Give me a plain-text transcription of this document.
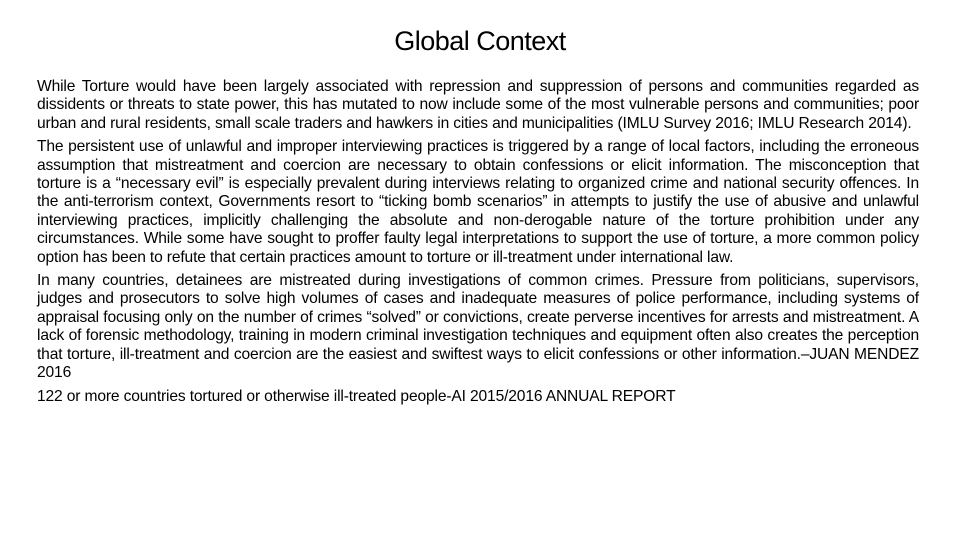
Global Context

While Torture would have been largely associated with repression and suppression of persons and communities regarded as dissidents or threats to state power, this has mutated to now include some of the most vulnerable persons and communities; poor urban and rural residents, small scale traders and hawkers in cities and municipalities (IMLU Survey 2016; IMLU Research 2014).

The persistent use of unlawful and improper interviewing practices is triggered by a range of local factors, including the erroneous assumption that mistreatment and coercion are necessary to obtain confessions or elicit information. The misconception that torture is a “necessary evil” is especially prevalent during interviews relating to organized crime and national security offences. In the anti-terrorism context, Governments resort to “ticking bomb scenarios” in attempts to justify the use of abusive and unlawful interviewing practices, implicitly challenging the absolute and non-derogable nature of the torture prohibition under any circumstances. While some have sought to proffer faulty legal interpretations to support the use of torture, a more common policy option has been to refute that certain practices amount to torture or ill-treatment under international law.

In many countries, detainees are mistreated during investigations of common crimes. Pressure from politicians, supervisors, judges and prosecutors to solve high volumes of cases and inadequate measures of police performance, including systems of appraisal focusing only on the number of crimes “solved” or convictions, create perverse incentives for arrests and mistreatment. A lack of forensic methodology, training in modern criminal investigation techniques and equipment often also creates the perception that torture, ill-treatment and coercion are the easiest and swiftest ways to elicit confessions or other information.–JUAN MENDEZ 2016

122 or more countries tortured or otherwise ill-treated people-AI 2015/2016 ANNUAL REPORT
